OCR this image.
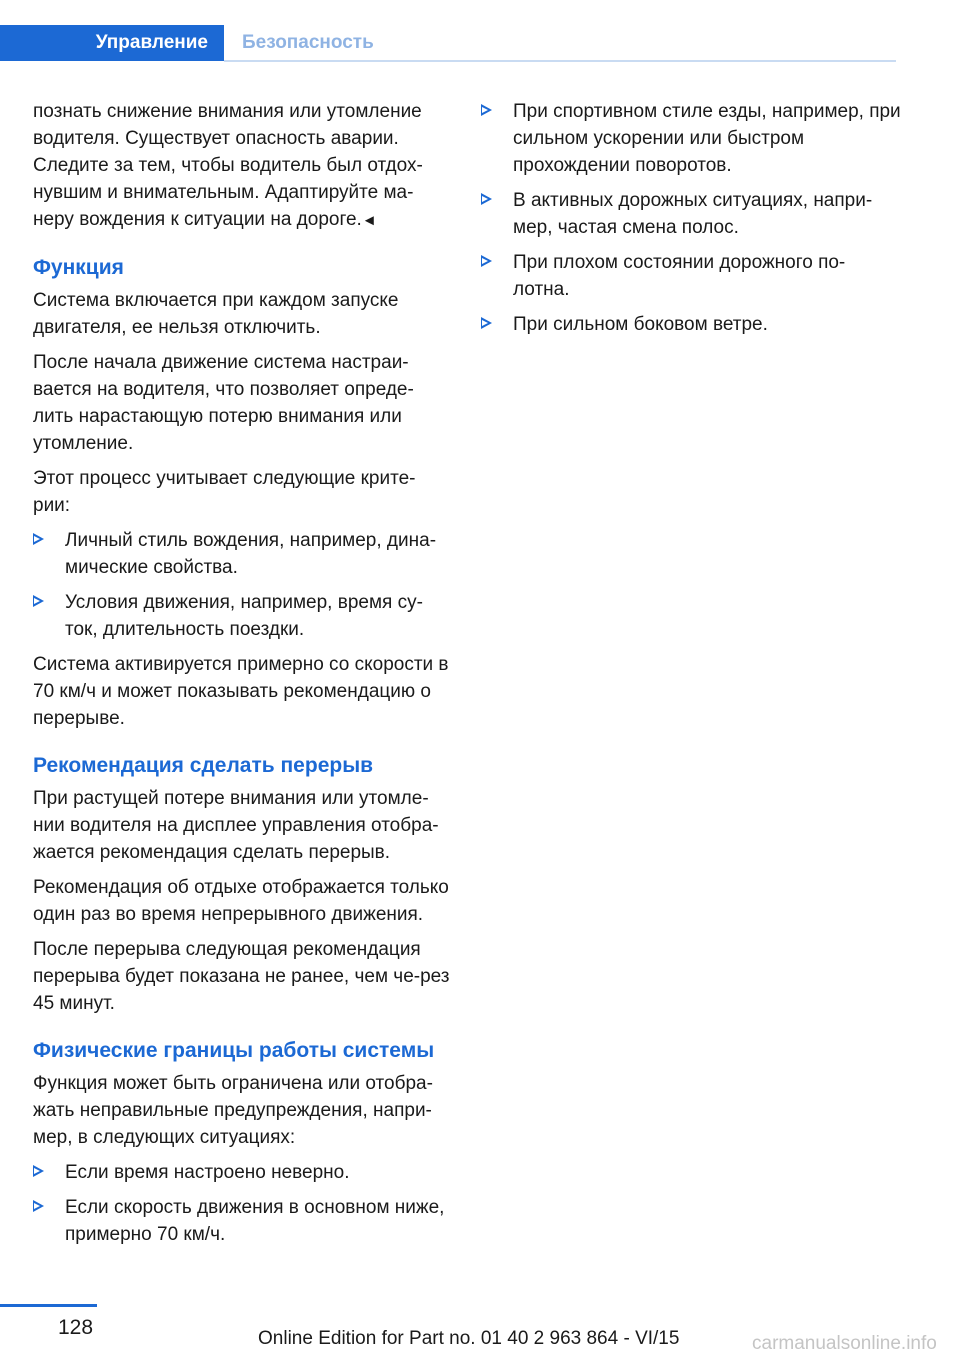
Управление	Безопасность

познать снижение внимания или утомление водителя. Существует опасность аварии. Следите за тем, чтобы водитель был отдох-нувшим и внимательным. Адаптируйте ма-неру вождения к ситуации на дороге.◄

Функция

Система включается при каждом запуске двигателя, ее нельзя отключить.

После начала движение система настраи-вается на водителя, что позволяет опреде-лить нарастающую потерю внимания или утомление.

Этот процесс учитывает следующие крите-рии:

Личный стиль вождения, например, дина-мические свойства.
Условия движения, например, время су-ток, длительность поездки.

Система активируется примерно со скорости в 70 км/ч и может показывать рекомендацию о перерыве.

Рекомендация сделать перерыв

При растущей потере внимания или утомле-нии водителя на дисплее управления отобра-жается рекомендация сделать перерыв.

Рекомендация об отдыхе отображается только один раз во время непрерывного движения.

После перерыва следующая рекомендация перерыва будет показана не ранее, чем че-рез 45 минут.

Физические границы работы системы

Функция может быть ограничена или отобра-жать неправильные предупреждения, напри-мер, в следующих ситуациях:

Если время настроено неверно.
Если скорость движения в основном ниже, примерно 70 км/ч.
При спортивном стиле езды, например, при сильном ускорении или быстром прохождении поворотов.
В активных дорожных ситуациях, напри-мер, частая смена полос.
При плохом состоянии дорожного по-лотна.
При сильном боковом ветре.
128	Online Edition for Part no. 01 40 2 963 864 - VI/15	carmanualsonline.info
